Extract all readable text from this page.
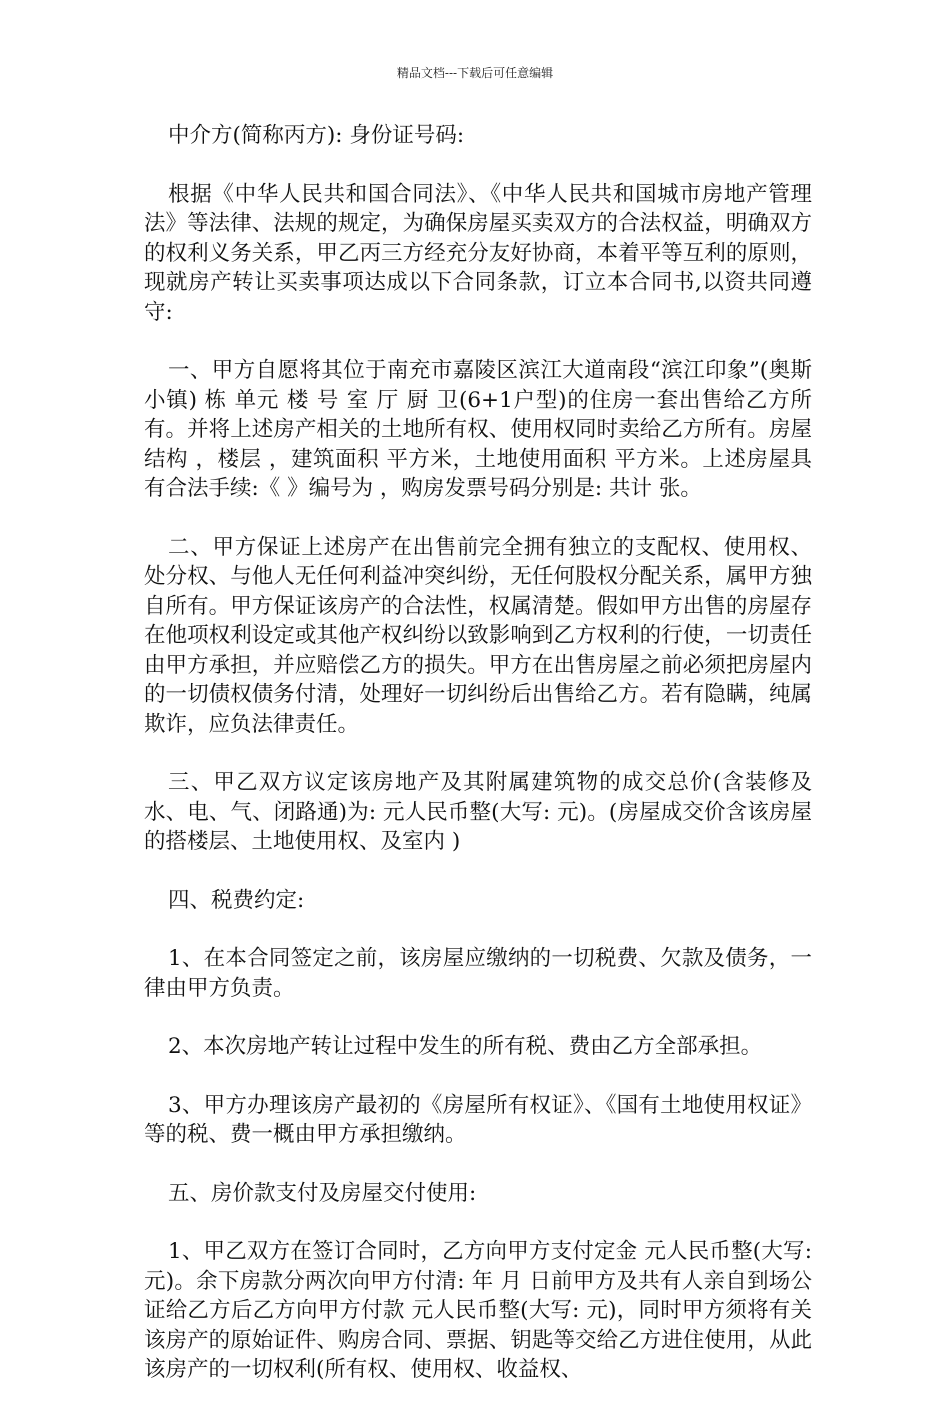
精品文档---下载后可任意编辑

中介方(简称丙方): 身份证号码:

根据《中华人民共和国合同法》、《中华人民共和国城市房地产管理法》等法律、法规的规定，为确保房屋买卖双方的合法权益，明确双方的权利义务关系，甲乙丙三方经充分友好协商，本着平等互利的原则，现就房产转让买卖事项达成以下合同条款，订立本合同书,以资共同遵守:

一、甲方自愿将其位于南充市嘉陵区滨江大道南段“滨江印象”(奥斯小镇) 栋 单元 楼 号 室 厅 厨 卫(6+1户型)的住房一套出售给乙方所有。并将上述房产相关的土地所有权、使用权同时卖给乙方所有。房屋结构 ，楼层 ，建筑面积 平方米，土地使用面积 平方米。上述房屋具有合法手续:《 》编号为 ，购房发票号码分别是: 共计 张。

二、甲方保证上述房产在出售前完全拥有独立的支配权、使用权、处分权、与他人无任何利益冲突纠纷，无任何股权分配关系，属甲方独自所有。甲方保证该房产的合法性，权属清楚。假如甲方出售的房屋存在他项权利设定或其他产权纠纷以致影响到乙方权利的行使，一切责任由甲方承担，并应赔偿乙方的损失。甲方在出售房屋之前必须把房屋内的一切债权债务付清，处理好一切纠纷后出售给乙方。若有隐瞒，纯属欺诈，应负法律责任。

三、甲乙双方议定该房地产及其附属建筑物的成交总价(含装修及水、电、气、闭路通)为: 元人民币整(大写: 元)。(房屋成交价含该房屋的搭楼层、土地使用权、及室内 )

四、税费约定:

1、在本合同签定之前，该房屋应缴纳的一切税费、欠款及债务，一律由甲方负责。

2、本次房地产转让过程中发生的所有税、费由乙方全部承担。

3、甲方办理该房产最初的《房屋所有权证》、《国有土地使用权证》等的税、费一概由甲方承担缴纳。

五、房价款支付及房屋交付使用:

1、甲乙双方在签订合同时，乙方向甲方支付定金 元人民币整(大写: 元)。余下房款分两次向甲方付清: 年 月 日前甲方及共有人亲自到场公证给乙方后乙方向甲方付款 元人民币整(大写: 元)，同时甲方须将有关该房产的原始证件、购房合同、票据、钥匙等交给乙方进住使用，从此该房产的一切权利(所有权、使用权、收益权、
